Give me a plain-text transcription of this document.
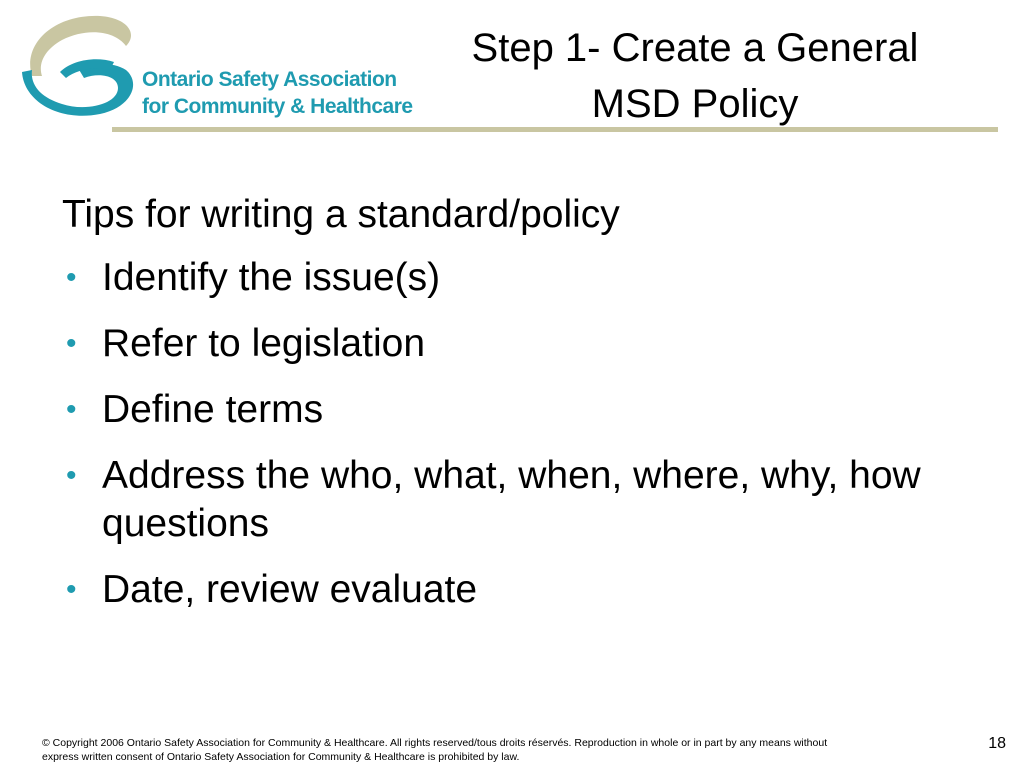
Ontario Safety Association
for Community & Healthcare
Step 1- Create a General
MSD Policy
Tips for writing a standard/policy
• Identify the issue(s)
• Refer to legislation
• Define terms
• Address the who, what, when, where, why, how questions
• Date, review evaluate
© Copyright 2006 Ontario Safety Association for Community & Healthcare. All rights reserved/tous droits réservés. Reproduction in whole or in part by any means without
express written consent of Ontario Safety Association for Community & Healthcare is prohibited by law.
18
